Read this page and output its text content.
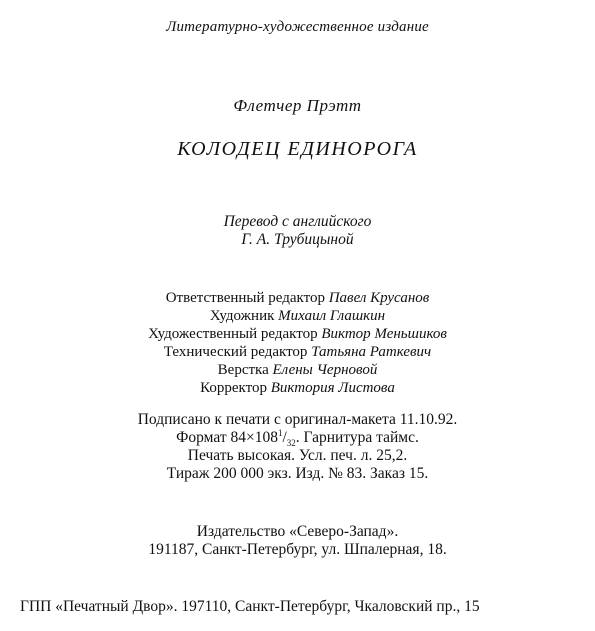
Литературно-художественное издание
Флетчер Прэтт
КОЛОДЕЦ ЕДИНОРОГА
Перевод с английского
Г. А. Трубицыной
Ответственный редактор Павел Крусанов
Художник Михаил Глашкин
Художественный редактор Виктор Меньшиков
Технический редактор Татьяна Раткевич
Верстка Елены Черновой
Корректор Виктория Листова
Подписано к печати с оригинал-макета 11.10.92.
Формат $84\times 108^1/_{32}$. Гарнитура таймс.
Печать высокая. Усл. печ. л. 25,2.
Тираж 200 000 экз. Изд. № 83. Заказ 15.
Издательство «Северо-Запад».
191187, Санкт-Петербург, ул. Шпалерная, 18.
ГПП «Печатный Двор». 197110, Санкт-Петербург, Чкаловский пр., 15
